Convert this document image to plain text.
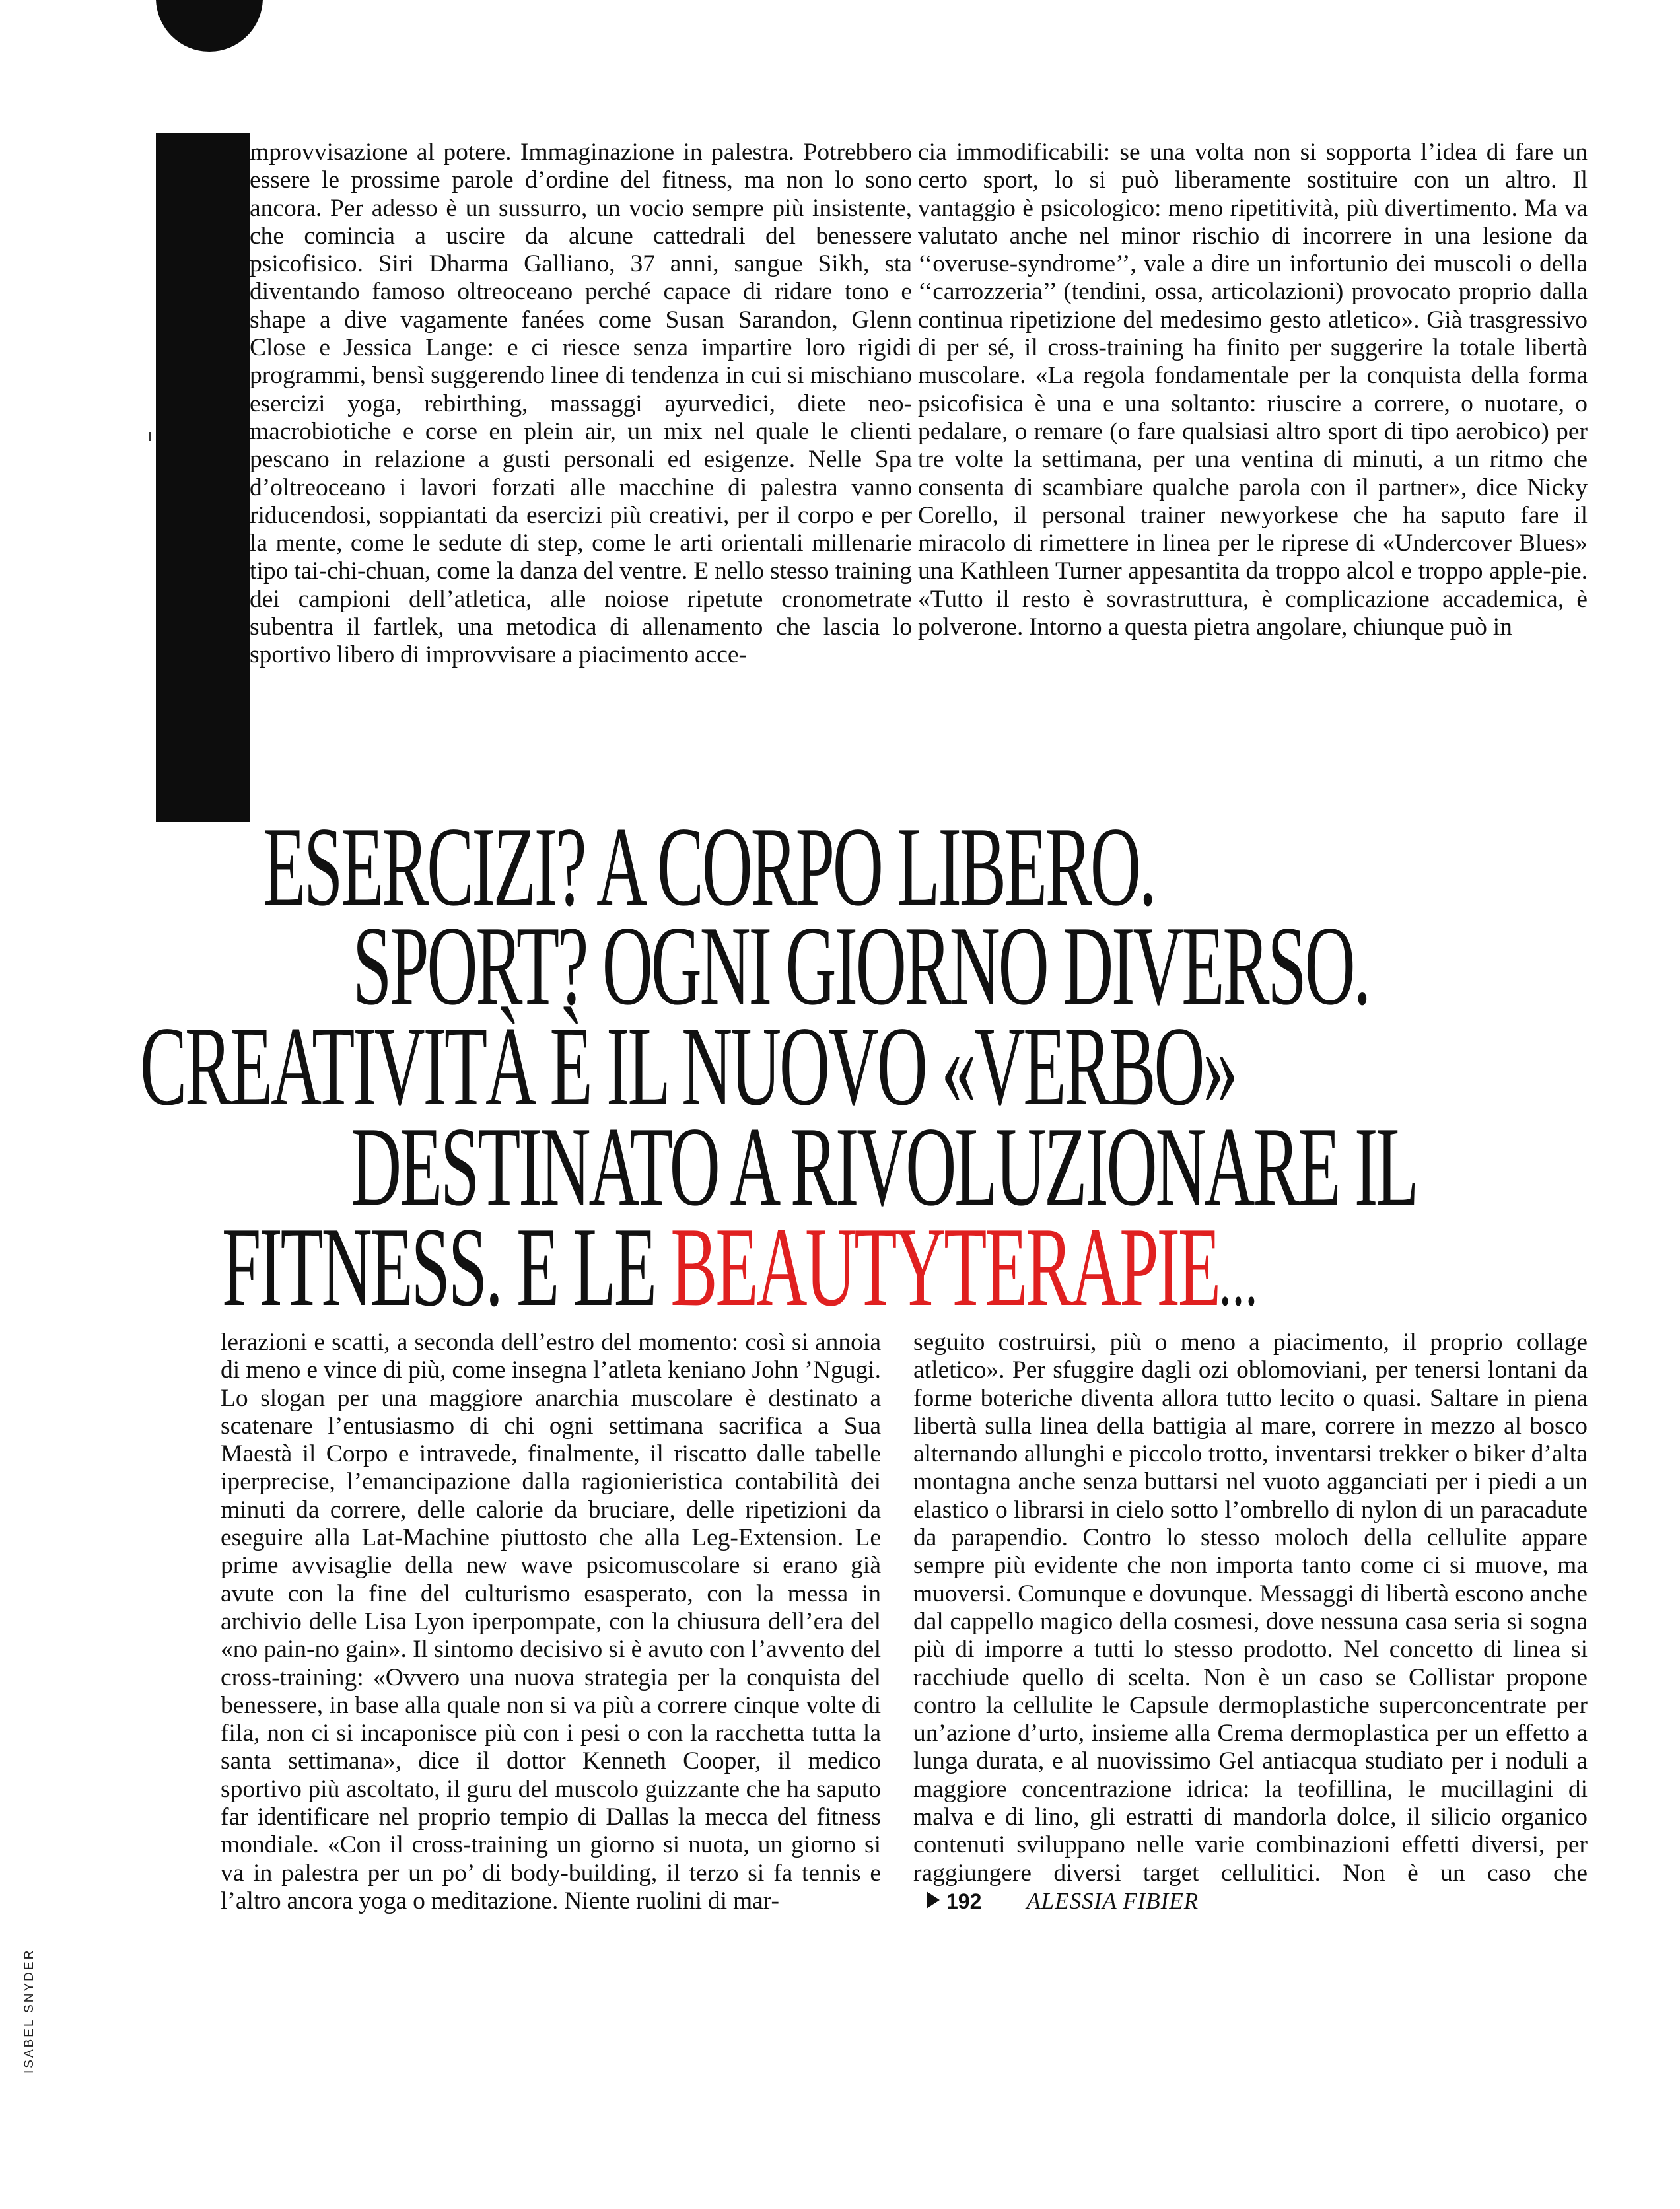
mprovvisazione al potere. Immaginazione in palestra. Potrebbero essere le prossime parole d’ordine del fitness, ma non lo sono ancora. Per adesso è un sussurro, un vocio sempre più insistente, che comincia a uscire da alcune cattedrali del benessere psicofisico. Siri Dharma Galliano, 37 anni, sangue Sikh, sta diventando famoso oltreoceano perché capace di ridare tono e shape a dive vagamente fanées come Susan Sarandon, Glenn Close e Jessica Lange: e ci riesce senza impartire loro rigidi programmi, bensì suggerendo linee di tendenza in cui si mischiano esercizi yoga, rebirthing, massaggi ayurvedici, diete neo-macrobiotiche e corse en plein air, un mix nel quale le clienti pescano in relazione a gusti personali ed esigenze. Nelle Spa d’oltreoceano i lavori forzati alle macchine di palestra vanno riducendosi, soppiantati da esercizi più creativi, per il corpo e per la mente, come le sedute di step, come le arti orientali millenarie tipo tai-chi-chuan, come la danza del ventre. E nello stesso training dei campioni dell’atletica, alle noiose ripetute cronometrate subentra il fartlek, una metodica di allenamento che lascia lo sportivo libero di improvvisare a piacimento acce-

cia immodificabili: se una volta non si sopporta l’idea di fare un certo sport, lo si può liberamente sostituire con un altro. Il vantaggio è psicologico: meno ripetitività, più divertimento. Ma va valutato anche nel minor rischio di incorrere in una lesione da ‘‘overuse-syndrome’’, vale a dire un infortunio dei muscoli o della ‘‘carrozzeria’’ (tendini, ossa, articolazioni) provocato proprio dalla continua ripetizione del medesimo gesto atletico». Già trasgressivo di per sé, il cross-training ha finito per suggerire la totale libertà muscolare. «La regola fondamentale per la conquista della forma psicofisica è una e una soltanto: riuscire a correre, o nuotare, o pedalare, o remare (o fare qualsiasi altro sport di tipo aerobico) per tre volte la settimana, per una ventina di minuti, a un ritmo che consenta di scambiare qualche parola con il partner», dice Nicky Corello, il personal trainer newyorkese che ha saputo fare il miracolo di rimettere in linea per le riprese di «Undercover Blues» una Kathleen Turner appesantita da troppo alcol e troppo apple-pie. «Tutto il resto è sovrastruttura, è complicazione accademica, è polverone. Intorno a questa pietra angolare, chiunque può in

ESERCIZI? A CORPO LIBERO.
SPORT? OGNI GIORNO DIVERSO.
CREATIVITÀ È IL NUOVO «VERBO»
DESTINATO A RIVOLUZIONARE IL
FITNESS. E LE BEAUTYTERAPIE...

lerazioni e scatti, a seconda dell’estro del momento: così si annoia di meno e vince di più, come insegna l’atleta keniano John ’Ngugi. Lo slogan per una maggiore anarchia muscolare è destinato a scatenare l’entusiasmo di chi ogni settimana sacrifica a Sua Maestà il Corpo e intravede, finalmente, il riscatto dalle tabelle iperprecise, l’emancipazione dalla ragionieristica contabilità dei minuti da correre, delle calorie da bruciare, delle ripetizioni da eseguire alla Lat-Machine piuttosto che alla Leg-Extension. Le prime avvisaglie della new wave psicomuscolare si erano già avute con la fine del culturismo esasperato, con la messa in archivio delle Lisa Lyon iperpompate, con la chiusura dell’era del «no pain-no gain». Il sintomo decisivo si è avuto con l’avvento del cross-training: «Ovvero una nuova strategia per la conquista del benessere, in base alla quale non si va più a correre cinque volte di fila, non ci si incaponisce più con i pesi o con la racchetta tutta la santa settimana», dice il dottor Kenneth Cooper, il medico sportivo più ascoltato, il guru del muscolo guizzante che ha saputo far identificare nel proprio tempio di Dallas la mecca del fitness mondiale. «Con il cross-training un giorno si nuota, un giorno si va in palestra per un po’ di body-building, il terzo si fa tennis e l’altro ancora yoga o meditazione. Niente ruolini di mar-

seguito costruirsi, più o meno a piacimento, il proprio collage atletico». Per sfuggire dagli ozi oblomoviani, per tenersi lontani da forme boteriche diventa allora tutto lecito o quasi. Saltare in piena libertà sulla linea della battigia al mare, correre in mezzo al bosco alternando allunghi e piccolo trotto, inventarsi trekker o biker d’alta montagna anche senza buttarsi nel vuoto agganciati per i piedi a un elastico o librarsi in cielo sotto l’ombrello di nylon di un paracadute da parapendio. Contro lo stesso moloch della cellulite appare sempre più evidente che non importa tanto come ci si muove, ma muoversi. Comunque e dovunque. Messaggi di libertà escono anche dal cappello magico della cosmesi, dove nessuna casa seria si sogna più di imporre a tutti lo stesso prodotto. Nel concetto di linea si racchiude quello di scelta. Non è un caso se Collistar propone contro la cellulite le Capsule dermoplastiche superconcentrate per un’azione d’urto, insieme alla Crema dermoplastica per un effetto a lunga durata, e al nuovissimo Gel antiacqua studiato per i noduli a maggiore concentrazione idrica: la teofillina, le mucillagini di malva e di lino, gli estratti di mandorla dolce, il silicio organico contenuti sviluppano nelle varie combinazioni effetti diversi, per raggiungere diversi target cellulitici. Non è un caso che192 ALESSIA FIBIER

ISABEL SNYDER
